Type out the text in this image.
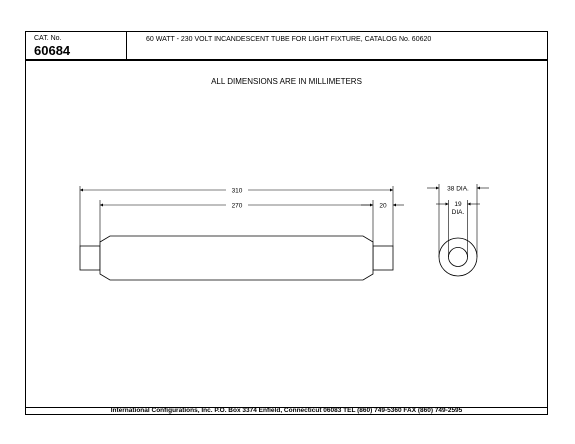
CAT. No.
60684
60 WATT - 230 VOLT INCANDESCENT TUBE FOR LIGHT FIXTURE, CATALOG No. 60620
ALL DIMENSIONS ARE IN MILLIMETERS
310
270	20
38 DIA.
19
DIA.
International Configurations, Inc. P.O. Box 3374 Enfield, Connecticut 06083 TEL (860) 749-5360 FAX (860) 749-2595
